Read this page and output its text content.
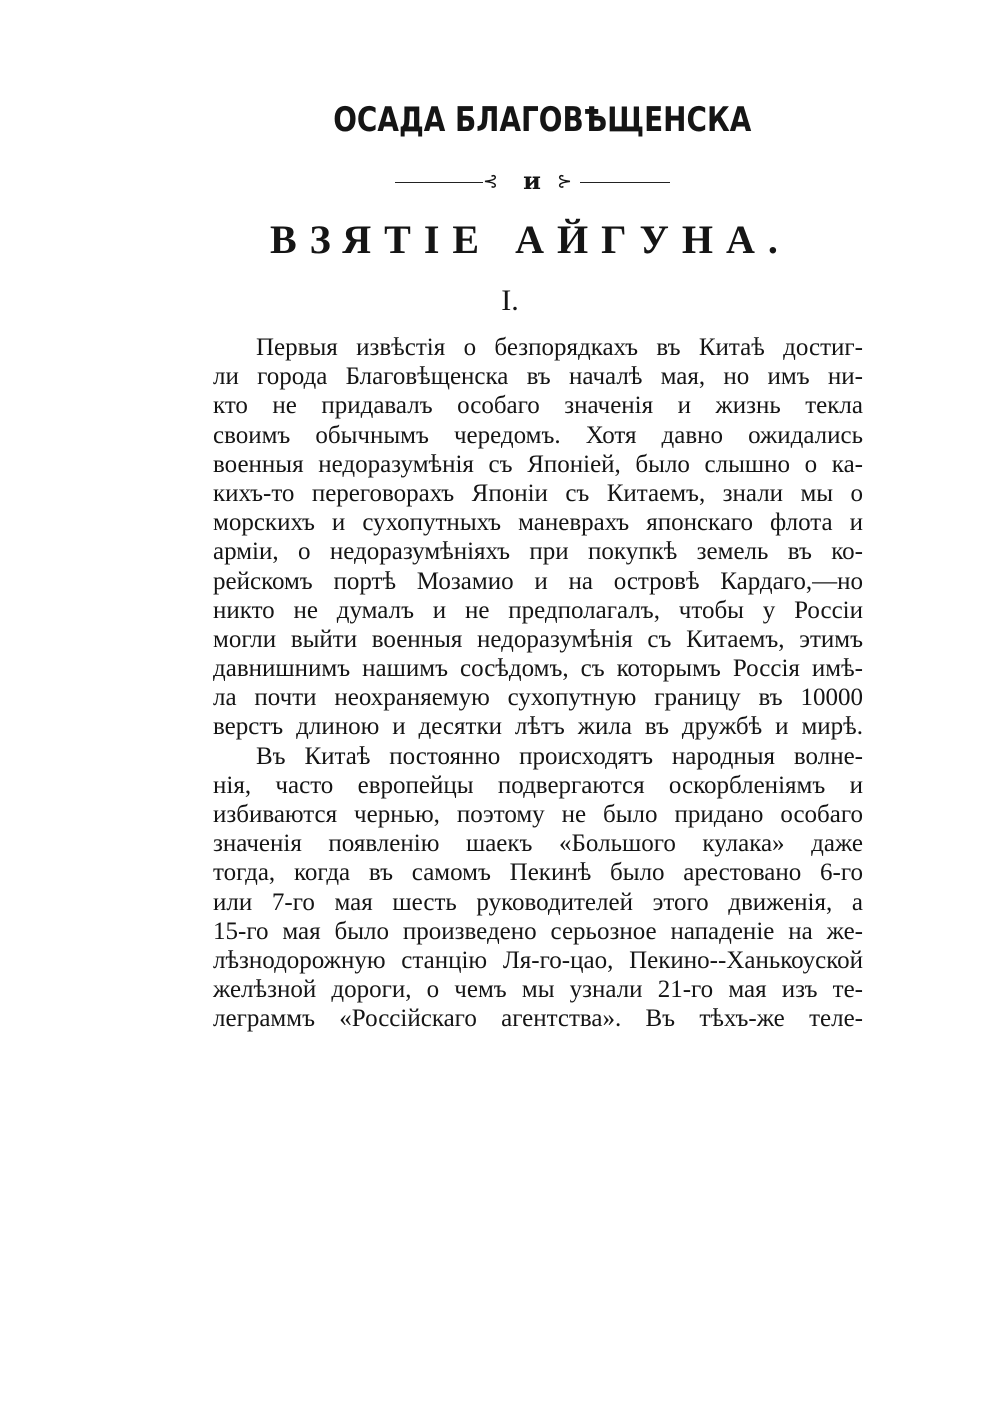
ОСАДА БЛАГОВѢЩЕНСКА
⊰	и ⊱
ВЗЯТІЕ АЙГУНА.
I.
Первыя извѣстія о безпорядкахъ въ Китаѣ достиг-
ли города Благовѣщенска въ началѣ мая, но имъ ни-
кто не придавалъ особаго значенія и жизнь текла
своимъ обычнымъ чередомъ. Хотя давно ожидались
военныя недоразумѣнія съ Японіей, было слышно о ка-
кихъ-то переговорахъ Японіи съ Китаемъ, знали мы о
морскихъ и сухопутныхъ маневрахъ японскаго флота и
арміи, о недоразумѣніяхъ при покупкѣ земель въ ко-
рейскомъ портѣ Мозамио и на островѣ Кардаго,—но
никто не думалъ и не предполагалъ, чтобы у Россіи
могли выйти военныя недоразумѣнія съ Китаемъ, этимъ
давнишнимъ нашимъ сосѣдомъ, съ которымъ Россія имѣ-
ла почти неохраняемую сухопутную границу въ 10000
верстъ длиною и десятки лѣтъ жила въ дружбѣ и мирѣ.
Въ Китаѣ постоянно происходятъ народныя волне-
нія, часто европейцы подвергаются оскорбленіямъ и
избиваются чернью, поэтому не было придано особаго
значенія появленію шаекъ «Большого кулака» даже
тогда, когда въ самомъ Пекинѣ было арестовано 6-го
или 7-го мая шесть руководителей этого движенія, а
15-го мая было произведено серьозное нападеніе на же-
лѣзнодорожную станцію Ля-го-цао, Пекино--Ханькоуской
желѣзной дороги, о чемъ мы узнали 21-го мая изъ те-
леграммъ «Россійскаго агентства». Въ тѣхъ-же теле-
